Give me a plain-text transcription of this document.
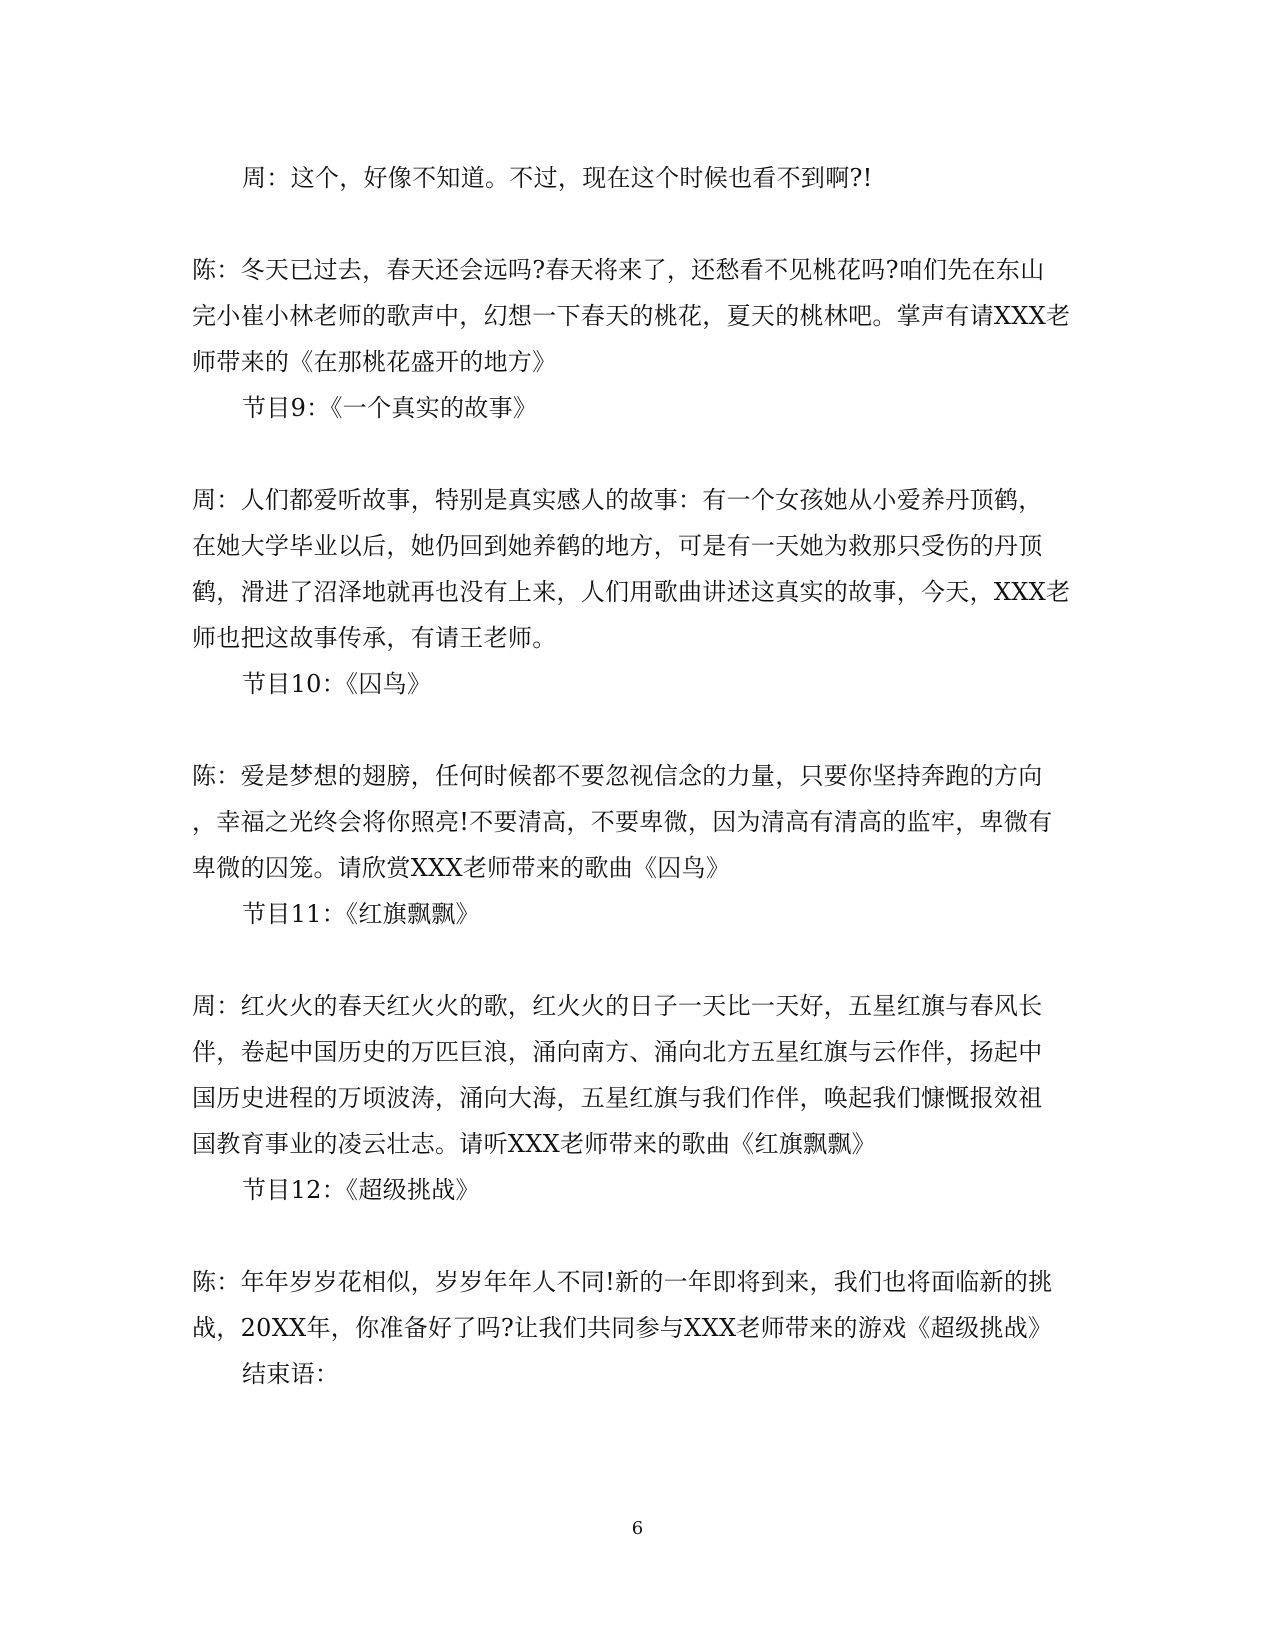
周：这个，好像不知道。不过，现在这个时候也看不到啊?!
陈：冬天已过去，春天还会远吗?春天将来了，还愁看不见桃花吗?咱们先在东山
完小崔小林老师的歌声中，幻想一下春天的桃花，夏天的桃林吧。掌声有请XXX老
师带来的《在那桃花盛开的地方》
节目9：《一个真实的故事》
周：人们都爱听故事，特别是真实感人的故事：有一个女孩她从小爱养丹顶鹤，
在她大学毕业以后，她仍回到她养鹤的地方，可是有一天她为救那只受伤的丹顶
鹤，滑进了沼泽地就再也没有上来，人们用歌曲讲述这真实的故事，今天，XXX老
师也把这故事传承，有请王老师。
节目10：《囚鸟》
陈：爱是梦想的翅膀，任何时候都不要忽视信念的力量，只要你坚持奔跑的方向
，幸福之光终会将你照亮!不要清高，不要卑微，因为清高有清高的监牢，卑微有
卑微的囚笼。请欣赏XXX老师带来的歌曲《囚鸟》
节目11：《红旗飘飘》
周：红火火的春天红火火的歌，红火火的日子一天比一天好，五星红旗与春风长
伴，卷起中国历史的万匹巨浪，涌向南方、涌向北方五星红旗与云作伴，扬起中
国历史进程的万顷波涛，涌向大海，五星红旗与我们作伴，唤起我们慷慨报效祖
国教育事业的凌云壮志。请听XXX老师带来的歌曲《红旗飘飘》
节目12：《超级挑战》
陈：年年岁岁花相似，岁岁年年人不同!新的一年即将到来，我们也将面临新的挑
战，20XX年，你准备好了吗?让我们共同参与XXX老师带来的游戏《超级挑战》
结束语：
6
